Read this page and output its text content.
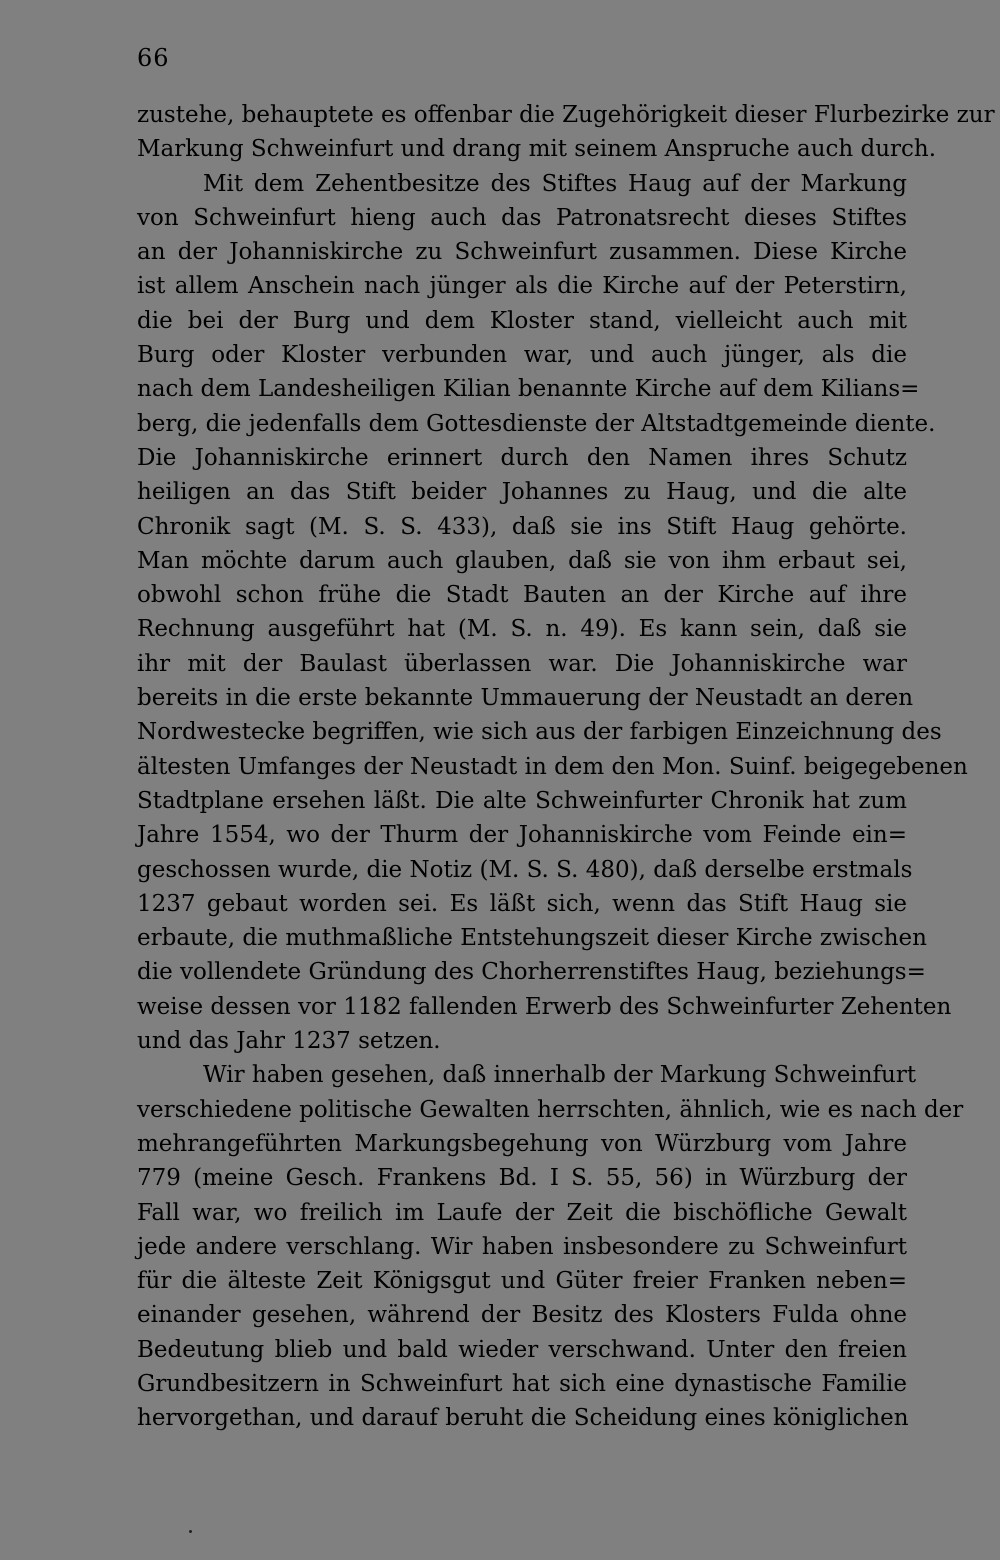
66
zustehe, behauptete es offenbar die Zugehörigkeit dieser Flurbezirke zur
Markung Schweinfurt und drang mit seinem Anspruche auch durch.
Mit dem Zehentbesitze des Stiftes Haug auf der Markung
von Schweinfurt hieng auch das Patronatsrecht dieses Stiftes
an der Johanniskirche zu Schweinfurt zusammen. Diese Kirche
ist allem Anschein nach jünger als die Kirche auf der Peterstirn,
die bei der Burg und dem Kloster stand, vielleicht auch mit
Burg oder Kloster verbunden war, und auch jünger, als die
nach dem Landesheiligen Kilian benannte Kirche auf dem Kilians=
berg, die jedenfalls dem Gottesdienste der Altstadtgemeinde diente.
Die Johanniskirche erinnert durch den Namen ihres Schutz
heiligen an das Stift beider Johannes zu Haug, und die alte
Chronik sagt (M. S. S. 433), daß sie ins Stift Haug gehörte.
Man möchte darum auch glauben, daß sie von ihm erbaut sei,
obwohl schon frühe die Stadt Bauten an der Kirche auf ihre
Rechnung ausgeführt hat (M. S. n. 49). Es kann sein, daß sie
ihr mit der Baulast überlassen war. Die Johanniskirche war
bereits in die erste bekannte Ummauerung der Neustadt an deren
Nordwestecke begriffen, wie sich aus der farbigen Einzeichnung des
ältesten Umfanges der Neustadt in dem den Mon. Suinf. beigegebenen
Stadtplane ersehen läßt. Die alte Schweinfurter Chronik hat zum
Jahre 1554, wo der Thurm der Johanniskirche vom Feinde ein=
geschossen wurde, die Notiz (M. S. S. 480), daß derselbe erstmals
1237 gebaut worden sei. Es läßt sich, wenn das Stift Haug sie
erbaute, die muthmaßliche Entstehungszeit dieser Kirche zwischen
die vollendete Gründung des Chorherrenstiftes Haug, beziehungs=
weise dessen vor 1182 fallenden Erwerb des Schweinfurter Zehenten
und das Jahr 1237 setzen.
Wir haben gesehen, daß innerhalb der Markung Schweinfurt
verschiedene politische Gewalten herrschten, ähnlich, wie es nach der
mehrangeführten Markungsbegehung von Würzburg vom Jahre
779 (meine Gesch. Frankens Bd. I S. 55, 56) in Würzburg der
Fall war, wo freilich im Laufe der Zeit die bischöfliche Gewalt
jede andere verschlang. Wir haben insbesondere zu Schweinfurt
für die älteste Zeit Königsgut und Güter freier Franken neben=
einander gesehen, während der Besitz des Klosters Fulda ohne
Bedeutung blieb und bald wieder verschwand. Unter den freien
Grundbesitzern in Schweinfurt hat sich eine dynastische Familie
hervorgethan, und darauf beruht die Scheidung eines königlichen
